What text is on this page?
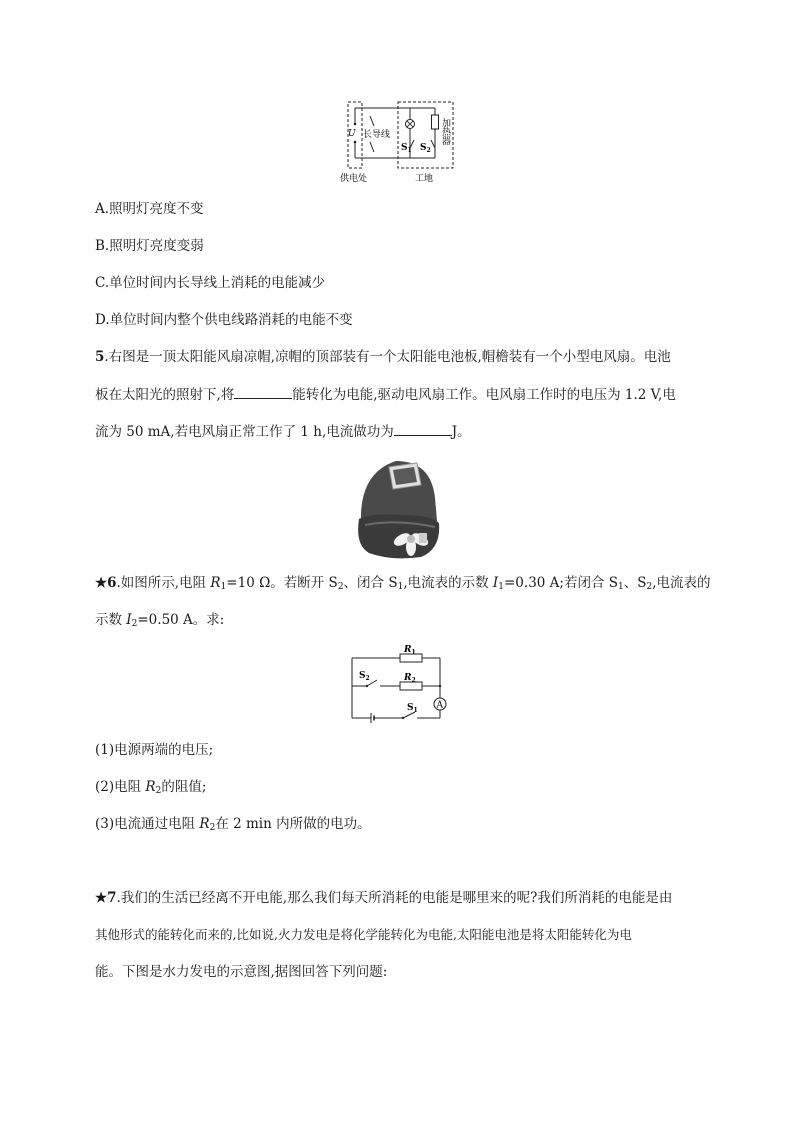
U 长导线
$S_1$ $S_2$
加热器
供电处	工地
A.照明灯亮度不变
B.照明灯亮度变弱
C.单位时间内长导线上消耗的电能减少
D.单位时间内整个供电线路消耗的电能不变
5.右图是一顶太阳能风扇凉帽,凉帽的顶部装有一个太阳能电池板,帽檐装有一个小型电风扇。电池
板在太阳光的照射下,将	能转化为电能,驱动电风扇工作。电风扇工作时的电压为 1.2 V,电
流为 50 mA,若电风扇正常工作了 1 h,电流做功为	J。
★6.如图所示,电阻 $R_1=10$ Ω。若断开 $S_2$、闭合 $S_1$,电流表的示数 $I_1=0.30$ A;若闭合 $S_1$、$S_2$,电流表的
示数 $I_2=0.50$ A。求:
$R_1$
$S_2$	$R_2$
A
$S_1$
(1)电源两端的电压;
(2)电阻 $R_2$的阻值;
(3)电流通过电阻 $R_2$在 2 min 内所做的电功。
★7.我们的生活已经离不开电能,那么我们每天所消耗的电能是哪里来的呢?我们所消耗的电能是由
其他形式的能转化而来的,比如说,火力发电是将化学能转化为电能,太阳能电池是将太阳能转化为电
能。下图是水力发电的示意图,据图回答下列问题:
